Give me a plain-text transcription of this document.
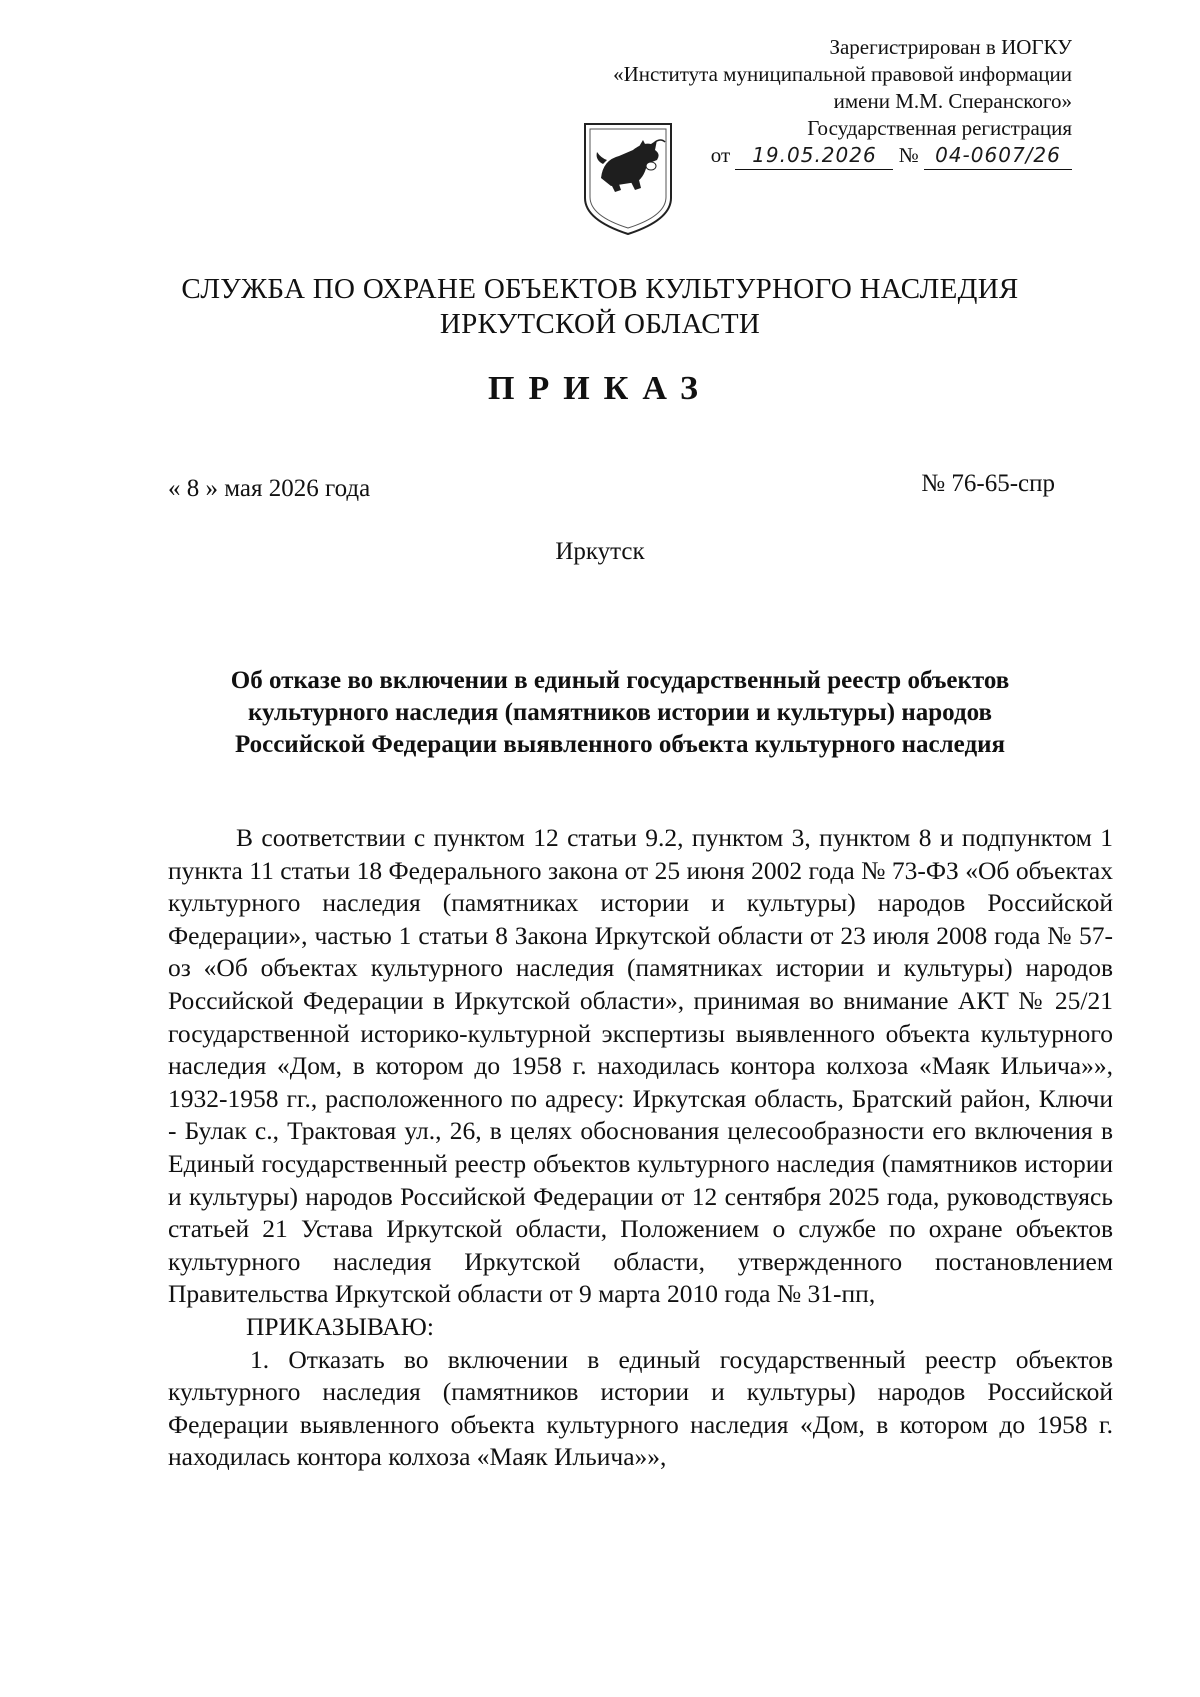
Зарегистрирован в ИОГКУ
«Института муниципальной правовой информации
имени М.М. Сперанского»
Государственная регистрация
от 19.05.2026 № 04-0607/26
СЛУЖБА ПО ОХРАНЕ ОБЪЕКТОВ КУЛЬТУРНОГО НАСЛЕДИЯ
ИРКУТСКОЙ ОБЛАСТИ
ПРИКАЗ
« 8 » мая 2026 года	№ 76-65-спр
Иркутск
Об отказе во включении в единый государственный реестр объектов
культурного наследия (памятников истории и культуры) народов
Российской Федерации выявленного объекта культурного наследия

В соответствии с пунктом 12 статьи 9.2, пунктом 3, пунктом 8 и подпунктом 1 пункта 11 статьи 18 Федерального закона от 25 июня 2002 года № 73-ФЗ «Об объектах культурного наследия (памятниках истории и культуры) народов Российской Федерации», частью 1 статьи 8 Закона Иркутской области от 23 июля 2008 года № 57-оз «Об объектах культурного наследия (памятниках истории и культуры) народов Российской Федерации в Иркутской области», принимая во внимание АКТ № 25/21 государственной историко-культурной экспертизы выявленного объекта культурного наследия «Дом, в котором до 1958 г. находилась контора колхоза «Маяк Ильича»», 1932-1958 гг., расположенного по адресу: Иркутская область, Братский район, Ключи - Булак с., Трактовая ул., 26, в целях обоснования целесообразности его включения в Единый государственный реестр объектов культурного наследия (памятников истории и культуры) народов Российской Федерации от 12 сентября 2025 года, руководствуясь статьей 21 Устава Иркутской области, Положением о службе по охране объектов культурного наследия Иркутской области, утвержденного постановлением Правительства Иркутской области от 9 марта 2010 года № 31-пп,

ПРИКАЗЫВАЮ:

1. Отказать во включении в единый государственный реестр объектов культурного наследия (памятников истории и культуры) народов Российской Федерации выявленного объекта культурного наследия «Дом, в котором до 1958 г. находилась контора колхоза «Маяк Ильича»»,
